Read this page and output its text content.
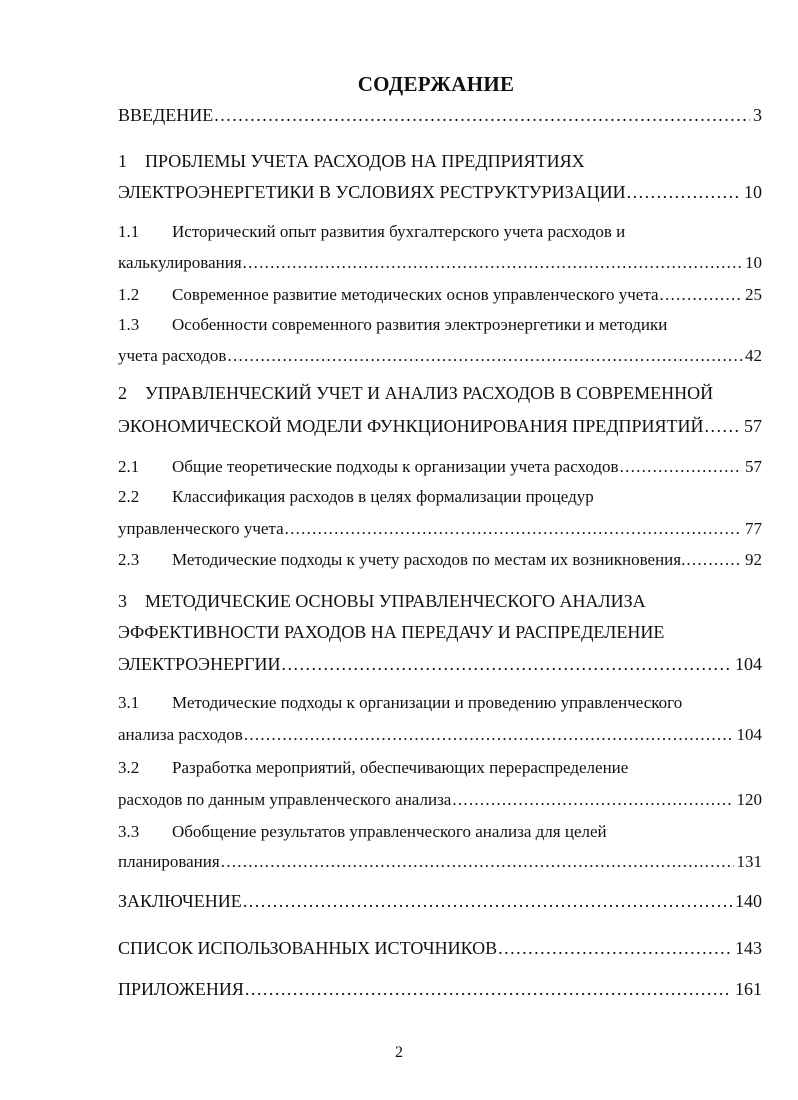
СОДЕРЖАНИЕ
ВВЕДЕНИЕ . . .	3
1 ПРОБЛЕМЫ УЧЕТА РАСХОДОВ НА ПРЕДПРИЯТИЯХ
ЭЛЕКТРОЭНЕРГЕТИКИ В УСЛОВИЯХ РЕСТРУКТУРИЗАЦИИ . . .	10
1.1 Исторический опыт развития бухгалтерского учета расходов и
калькулирования . . .	10
1.2 Современное развитие методических основ управленческого учета . . .	25
1.3 Особенности современного развития электроэнергетики и методики
учета расходов . . .	42
2 УПРАВЛЕНЧЕСКИЙ УЧЕТ И АНАЛИЗ РАСХОДОВ В СОВРЕМЕННОЙ
ЭКОНОМИЧЕСКОЙ МОДЕЛИ ФУНКЦИОНИРОВАНИЯ ПРЕДПРИЯТИЙ . . . 57
2.1 Общие теоретические подходы к организации учета расходов . . .	57
2.2 Классификация расходов в целях формализации процедур
управленческого учета . . .	77
2.3 Методические подходы к учету расходов по местам их возникновения. . . .	92
3 МЕТОДИЧЕСКИЕ ОСНОВЫ УПРАВЛЕНЧЕСКОГО АНАЛИЗА
ЭФФЕКТИВНОСТИ РАХОДОВ НА ПЕРЕДАЧУ И РАСПРЕДЕЛЕНИЕ
ЭЛЕКТРОЭНЕРГИИ . . .	104
3.1 Методические подходы к организации и проведению управленческого
анализа расходов . . .	104
3.2 Разработка мероприятий, обеспечивающих перераспределение
расходов по данным управленческого анализа . . .	120
3.3 Обобщение результатов управленческого анализа для целей
планирования . . .	131
ЗАКЛЮЧЕНИЕ . . .	140
СПИСОК ИСПОЛЬЗОВАННЫХ ИСТОЧНИКОВ . . .	143
ПРИЛОЖЕНИЯ . . .	161
2
